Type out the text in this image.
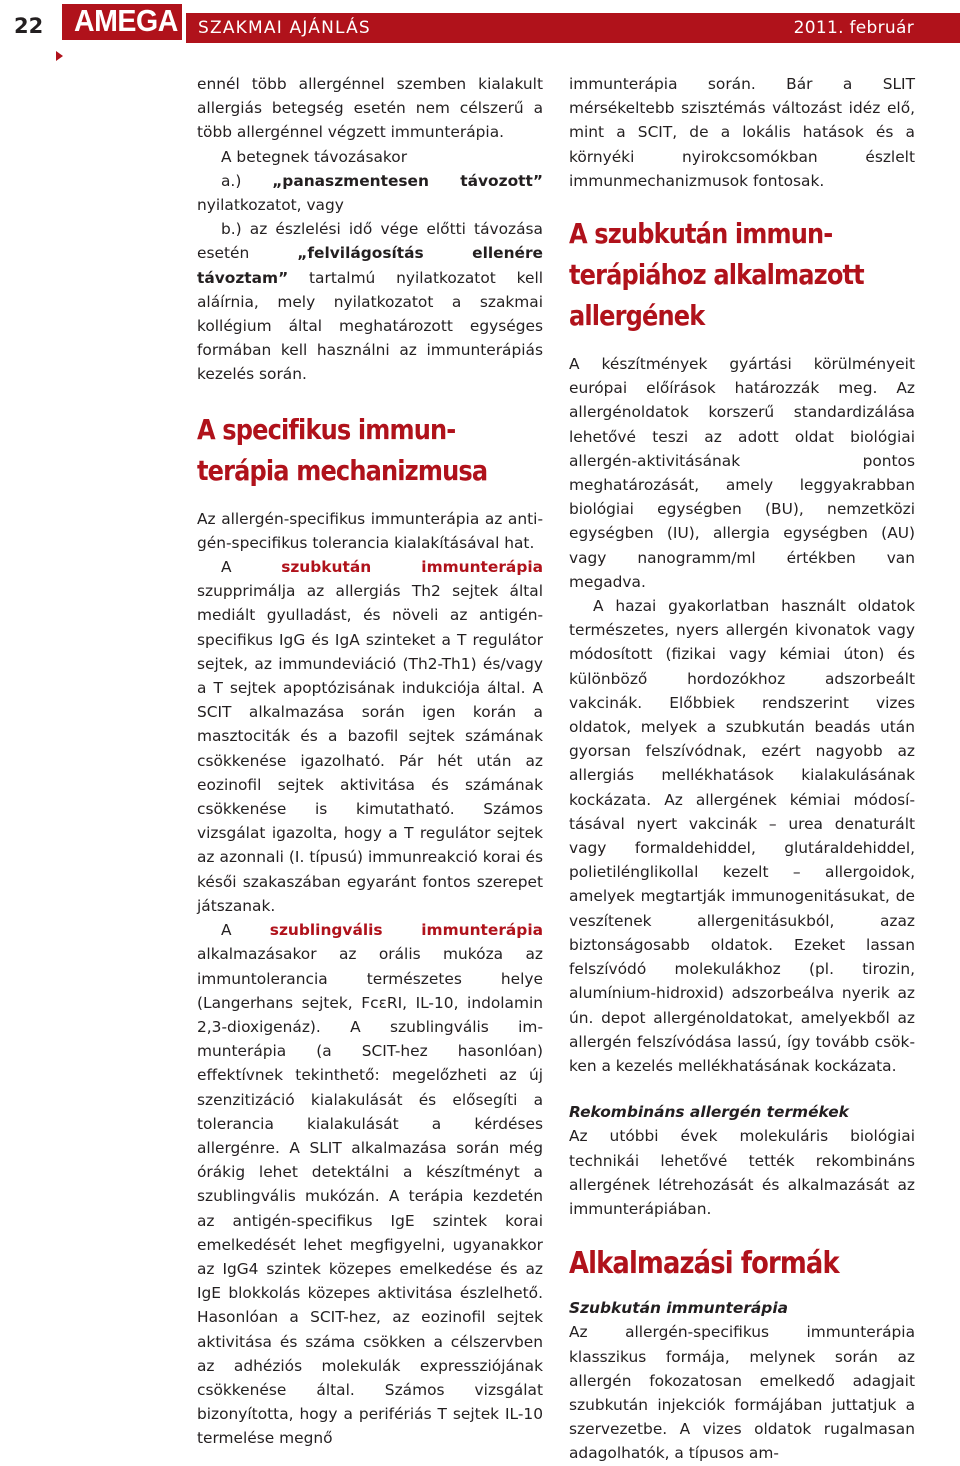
22 AMEGA SZAKMAI AJÁNLÁS	2011. február

ennél több allergénnel szemben kialakult allergiás betegség esetén nem célszerű a több allergénnel végzett immunterápia.

A betegnek távozásakor

a.) „panaszmentesen távozott” nyilatkozatot, vagy

b.) az észlelési idő vége előtti távozása esetén „felvilágosítás ellenére távoztam” tartalmú nyilatkozatot kell aláírnia, mely nyilatkozatot a szakmai kollégium által meghatározott egységes formában kell használni az immunterápiás kezelés során.

A specifikus immun-
terápia mechanizmusa

Az allergén-specifikus immunterápia az antigén-specifikus tolerancia kialakításával hat.

A szubkután immunterápia szupprimálja az allergiás Th2 sejtek által mediált gyulladást, és növeli az antigén-specifikus IgG és IgA szinteket a T regulátor sejtek, az immundeviáció (Th2-Th1) és/vagy a T sejtek apoptózisának indukciója által. A SCIT alkalmazása során igen korán a masztociták és a bazofil sejtek számának csökkenése igazolható. Pár hét után az eozinofil sejtek aktivitása és számának csökkenése is kimutatható. Számos vizsgálat igazolta, hogy a T regulátor sejtek az azonnali (I. típusú) immunreakció korai és késői szakaszában egyaránt fontos szerepet játszanak.

A szublingvális immunterápia alkalmazásakor az orális mukóza az immuntolerancia természetes helye (Langerhans sejtek, FcεRI, IL-10, indolamin 2,3-dioxigenáz). A szublingvális immunterápia (a SCIT-hez hasonlóan) effektívnek tekinthető: megelőzheti az új szenzitizáció kialakulását és elősegíti a tolerancia kialakulását a kérdéses allergénre. A SLIT alkalmazása során még órákig lehet detektálni a készítményt a szublingvális mukózán. A terápia kezdetén az antigén-specifikus IgE szintek korai emelkedését lehet megfigyelni, ugyanakkor az IgG4 szintek közepes emelkedése és az IgE blokkolás közepes aktivitása észlelhető. Hasonlóan a SCIT-hez, az eozinofil sejtek aktivitása és száma csökken a célszervben az adhéziós molekulák expressziójának csökkenése által. Számos vizsgálat bizonyította, hogy a perifériás T sejtek IL-10 termelése megnő

immunterápia során. Bár a SLIT mérsékeltebb szisztémás változást idéz elő, mint a SCIT, de a lokális hatások és a környéki nyirokcsomókban észlelt immunmechanizmusok fontosak.

A szubkután immun-
terápiához alkalmazott
allergének

A készítmények gyártási körülményeit európai előírások határozzák meg. Az allergénoldatok korszerű standardizálása lehetővé teszi az adott oldat biológiai allergén-aktivitásának pontos meghatározását, amely leggyakrabban biológiai egységben (BU), nemzetközi egységben (IU), allergia egységben (AU) vagy nanogramm/ml értékben van megadva.

A hazai gyakorlatban használt oldatok természetes, nyers allergén kivonatok vagy módosított (fizikai vagy kémiai úton) és különböző hordozókhoz adszorbeált vakcinák. Előbbiek rendszerint vizes oldatok, melyek a szubkután beadás után gyorsan felszívódnak, ezért nagyobb az allergiás mellékhatások kialakulásának kockázata. Az allergének kémiai módosításával nyert vakcinák – urea denaturált vagy formaldehiddel, glutáraldehiddel, polietilénglikollal kezelt – allergoidok, amelyek megtartják immunogenitásukat, de veszítenek allergenitásukból, azaz biztonságosabb oldatok. Ezeket lassan felszívódó molekulákhoz (pl. tirozin, alumínium-hidroxid) adszorbeálva nyerik az ún. depot allergénoldatokat, amelyekből az allergén felszívódása lassú, így tovább csökken a kezelés mellékhatásának kockázata.

Rekombináns allergén termékek

Az utóbbi évek molekuláris biológiai technikái lehetővé tették rekombináns allergének létrehozását és alkalmazását az immunterápiában.

Alkalmazási formák

Szubkután immunterápia

Az allergén-specifikus immunterápia klasszikus formája, melynek során az allergén fokozatosan emelkedő adagjait szubkután injekciók formájában juttatjuk a szervezetbe. A vizes oldatok rugalmasan adagolhatók, a típusos am-
